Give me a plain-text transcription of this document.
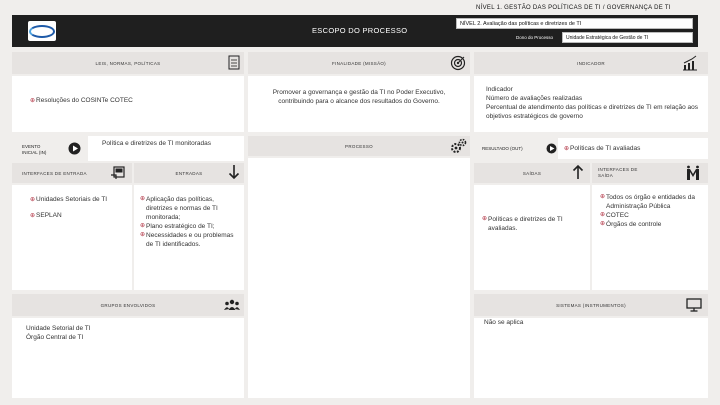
NÍVEL 1. GESTÃO DAS POLÍTICAS DE TI / GOVERNANÇA DE TI
ESCOPO DO PROCESSO
NÍVEL 2. Avaliação das políticas e diretrizes de TI
Dono do Processo	Unidade Estratégica de Gestão de TI
LEIS, NORMAS, POLÍTICAS
⊕Resoluções do COSINTe COTEC
FINALIDADE (MISSÃO)
Promover a governança e gestão da TI no Poder Executivo, contribuindo para o alcance dos resultados do Governo.
INDICADOR
Indicador
Número de avaliações realizadas
Percentual de atendimento das políticas e diretrizes de TI em relação aos objetivos estratégicos de governo
EVENTO INICIAL (IN)
Política e diretrizes de TI monitoradas	PROCESSO	RESULTADO (OUT)	⊕Políticas de TI avaliadas
INTERFACES DE ENTRADA	ENTRADAS	SAÍDAS
INTERFACES DE SAÍDA
⊕Unidades Setoriais de TI
⊕SEPLAN
⊕ Aplicação das políticas, diretrizes e normas de TI monitorada;
⊕ Plano estratégico de TI;
⊕ Necessidades e ou problemas de TI identificados.
⊕ Políticas e diretrizes de TI avaliadas.
⊕ Todos os órgão e entidades da Administração Pública
⊕ COTEC
⊕ Órgãos de controle
GRUPOS ENVOLVIDOS
Unidade Setorial de TI
Órgão Central de TI
SISTEMAS (INSTRUMENTOS)
Não se aplica
